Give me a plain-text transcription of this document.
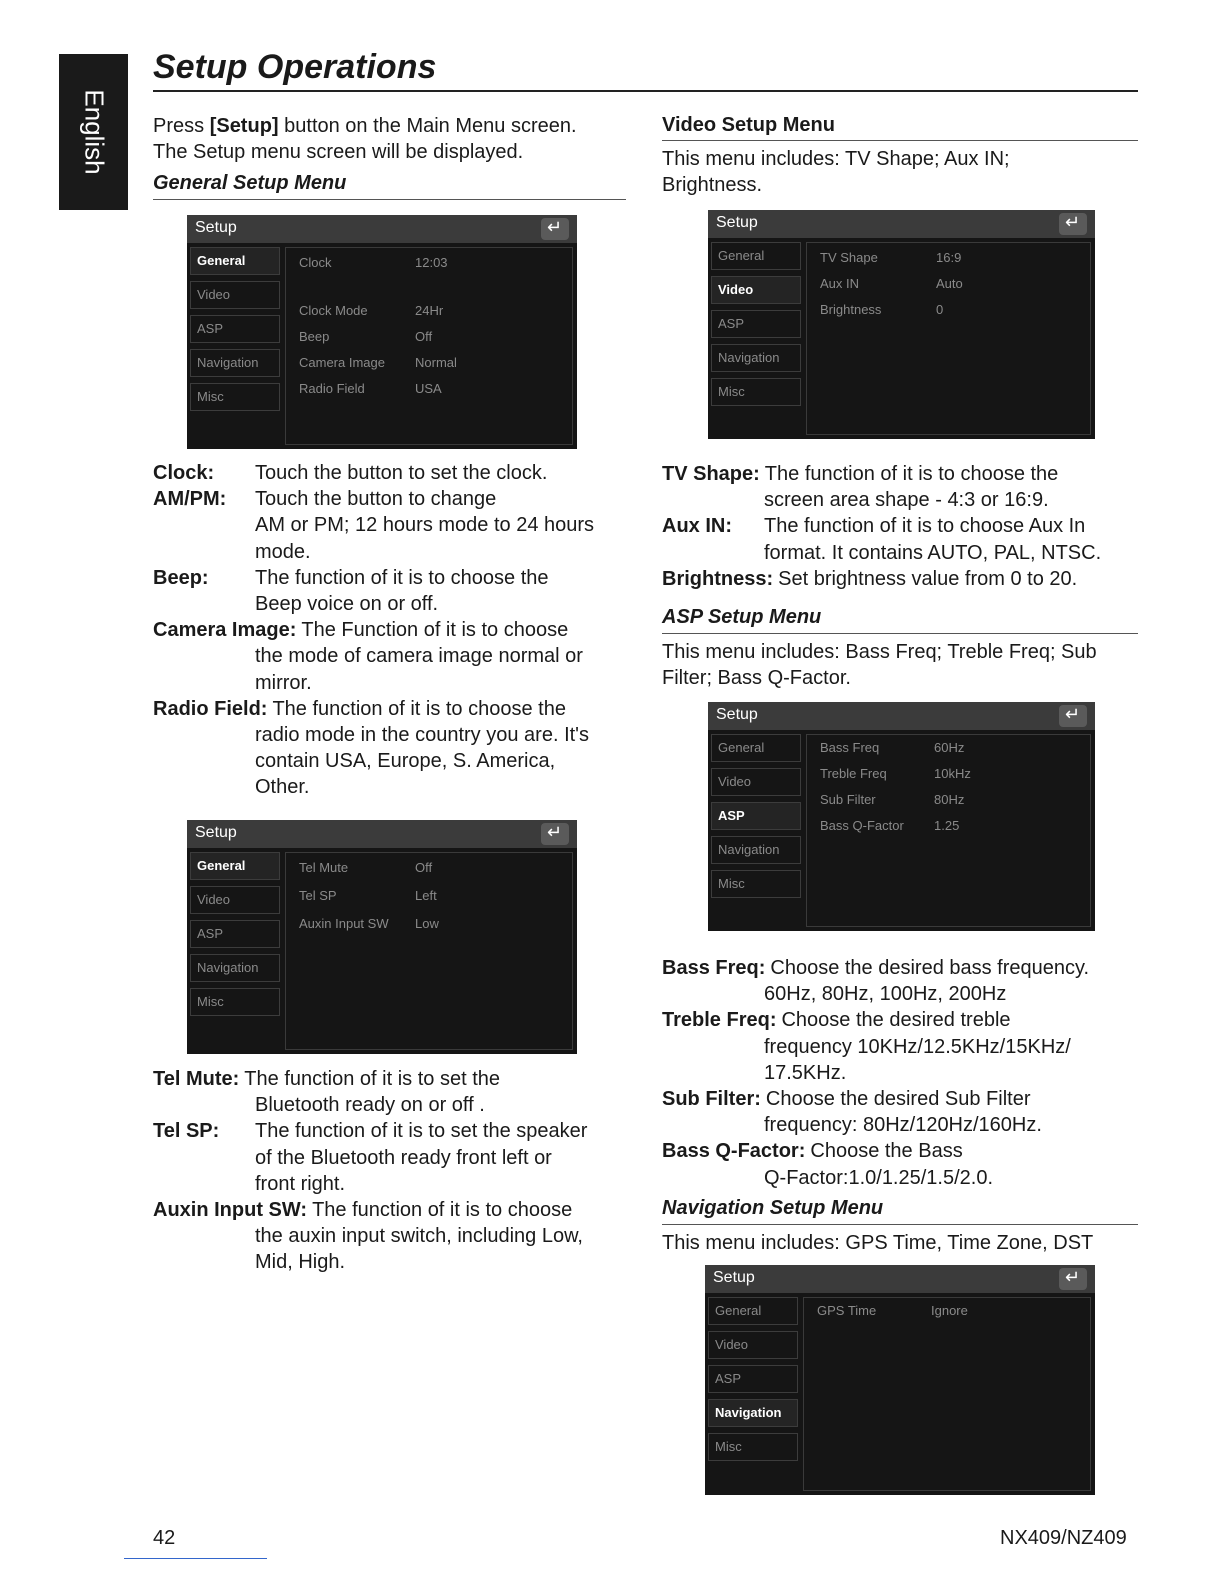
English
Setup Operations
Press [Setup] button on the Main Menu screen.
The Setup menu screen will be displayed.
General Setup Menu
Setup
↵
General
Video
ASP
Navigation
Misc
Clock	12:03
Clock Mode	24Hr
Beep	Off
Camera Image Normal
Radio Field	USA
Clock: Touch the button to set the clock.
AM/PM: Touch the button to change
AM or PM; 12 hours mode to 24 hours
mode.
Beep: The function of it is to choose the
Beep voice on or off.
Camera Image: The Function of it is to choose
the mode of camera image normal or
mirror.
Radio Field: The function of it is to choose the
radio mode in the country you are. It's
contain USA, Europe, S. America,
Other.
Setup
↵
General
Video
ASP
Navigation
Misc
Tel Mute	Off
Tel SP	Left
Auxin Input SW Low
Tel Mute: The function of it is to set the
Bluetooth ready on or off .
Tel SP: The function of it is to set the speaker
of the Bluetooth ready front left or
front right.
Auxin Input SW: The function of it is to choose
the auxin input switch, including Low,
Mid, High.
Video Setup Menu
This menu includes: TV Shape; Aux IN;
Brightness.
Setup
↵
General
Video
ASP
Navigation
Misc
TV Shape	16:9
Aux IN	Auto
Brightness	0
TV Shape: The function of it is to choose the
screen area shape - 4:3 or 16:9.
Aux IN: The function of it is to choose Aux In
format. It contains AUTO, PAL, NTSC.
Brightness: Set brightness value from 0 to 20.
ASP Setup Menu
This menu includes: Bass Freq; Treble Freq; Sub
Filter; Bass Q-Factor.
Setup
↵
General
Video
ASP
Navigation
Misc
Bass Freq	60Hz
Treble Freq	10kHz
Sub Filter	80Hz
Bass Q-Factor 1.25
Bass Freq: Choose the desired bass frequency.
60Hz, 80Hz, 100Hz, 200Hz
Treble Freq: Choose the desired treble
frequency 10KHz/12.5KHz/15KHz/
17.5KHz.
Sub Filter: Choose the desired Sub Filter
frequency: 80Hz/120Hz/160Hz.
Bass Q-Factor: Choose the Bass
Q-Factor:1.0/1.25/1.5/2.0.
Navigation Setup Menu
This menu includes: GPS Time, Time Zone, DST
Setup
↵
General
Video
ASP
Navigation
Misc
GPS Time	Ignore
42	NX409/NZ409
